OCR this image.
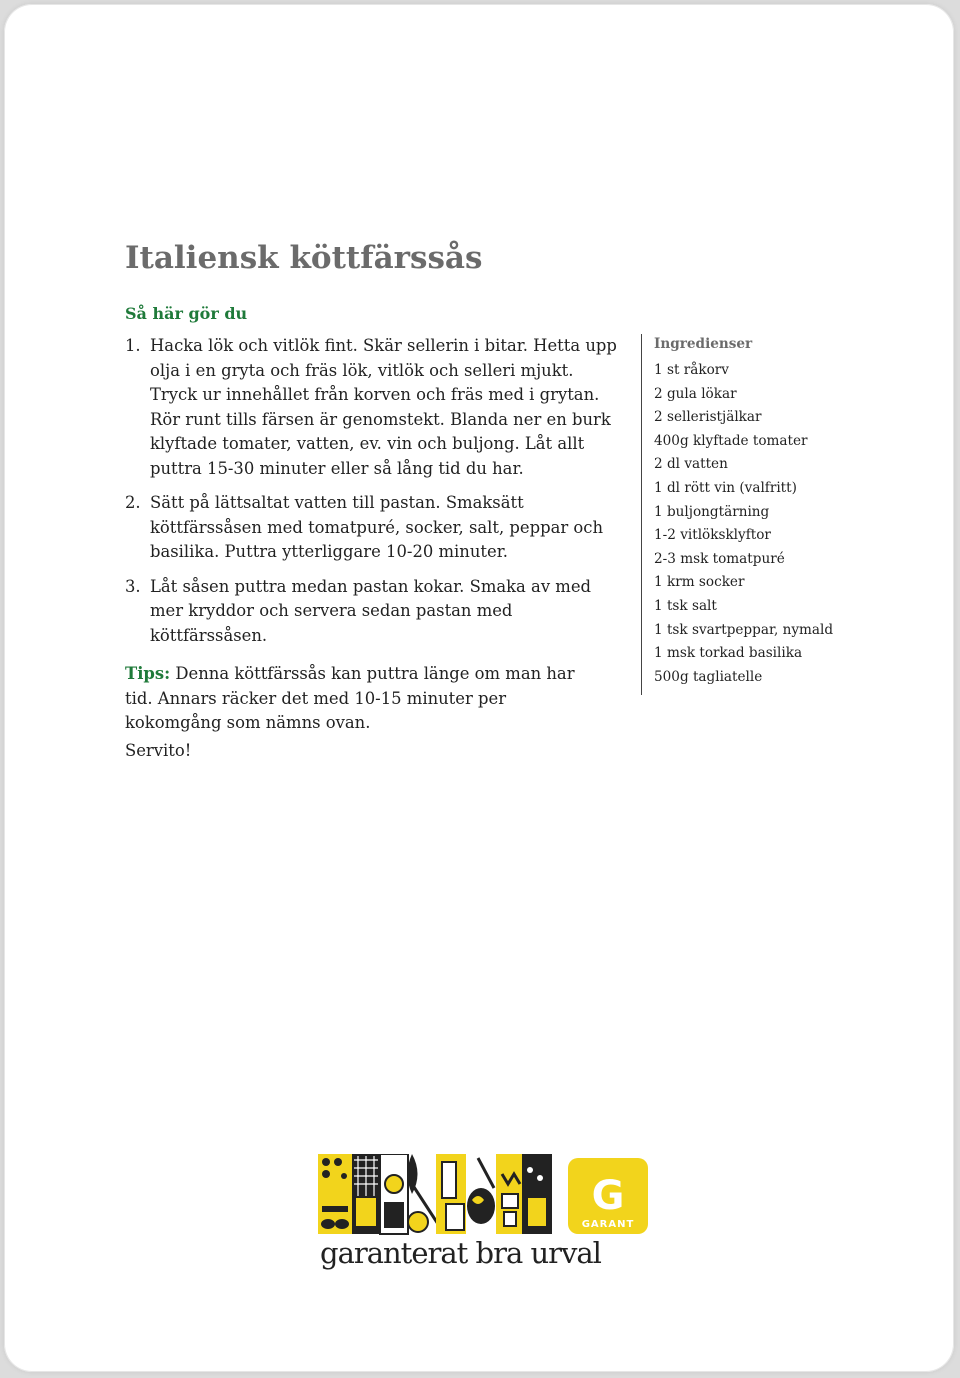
Italiensk köttfärssås
Så här gör du
1. Hacka lök och vitlök fint. Skär sellerin i bitar. Hetta upp olja i en gryta och fräs lök, vitlök och selleri mjukt. Tryck ur innehållet från korven och fräs med i grytan. Rör runt tills färsen är genomstekt. Blanda ner en burk klyftade tomater, vatten, ev. vin och buljong. Låt allt puttra 15-30 minuter eller så lång tid du har.
2. Sätt på lättsaltat vatten till pastan. Smaksätt köttfärssåsen med tomatpuré, socker, salt, peppar och basilika. Puttra ytterliggare 10-20 minuter.
3. Låt såsen puttra medan pastan kokar. Smaka av med mer kryddor och servera sedan pastan med köttfärssåsen.

Tips: Denna köttfärssås kan puttra länge om man har tid. Annars räcker det med 10-15 minuter per kokomgång som nämns ovan.

Servito!
Ingredienser
1 st råkorv
2 gula lökar
2 selleristjälkar
400g klyftade tomater
2 dl vatten
1 dl rött vin (valfritt)
1 buljongtärning
1-2 vitlöksklyftor
2-3 msk tomatpuré
1 krm socker
1 tsk salt
1 tsk svartpeppar, nymald
1 msk torkad basilika
500g tagliatelle
G
GARANT
garanterat bra urval
